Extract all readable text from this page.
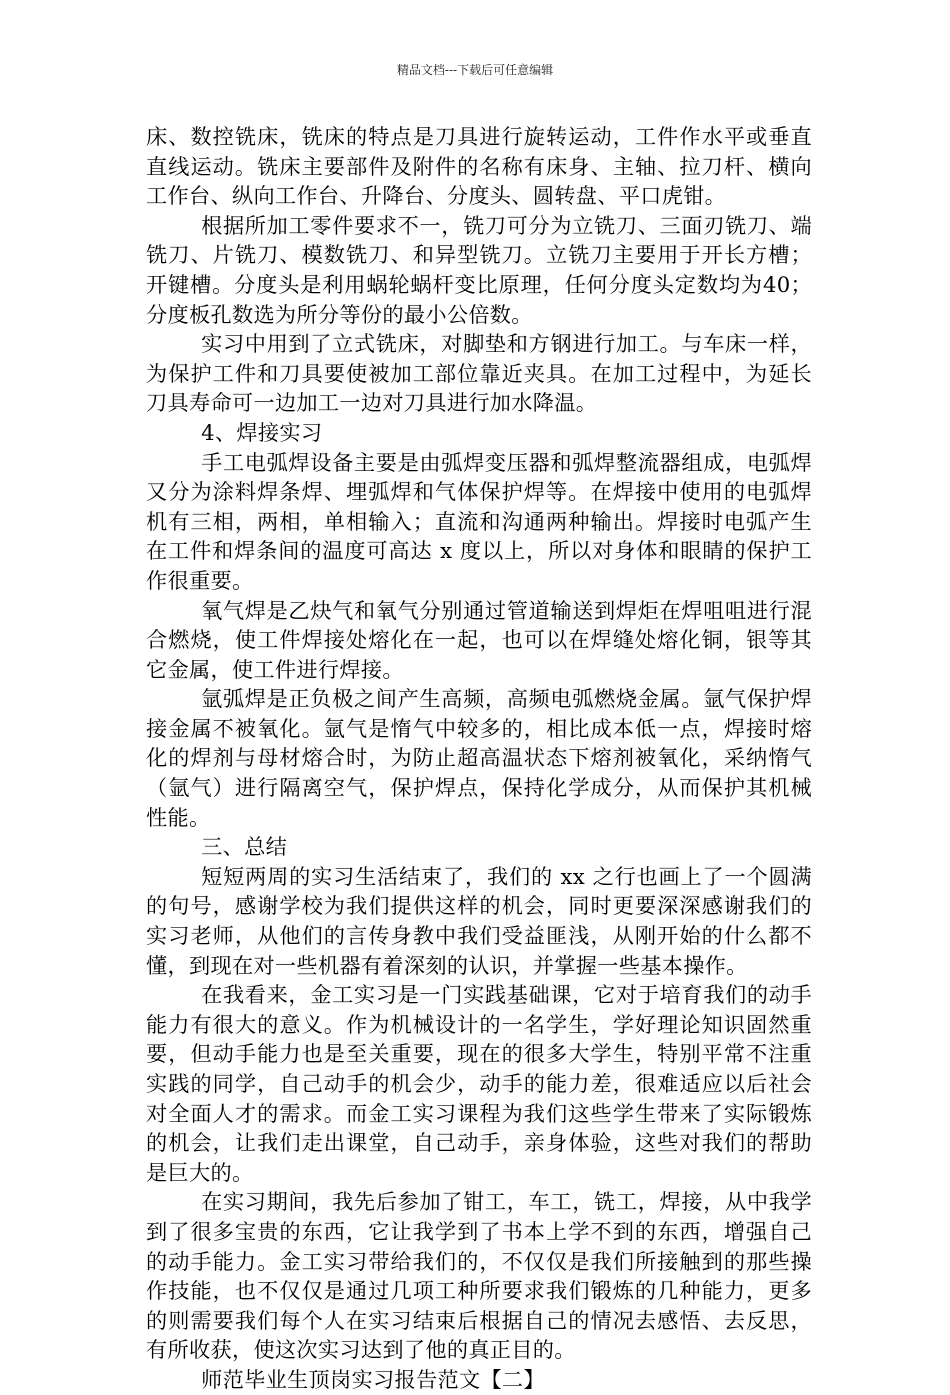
精品文档---下载后可任意编辑

床、数控铣床，铣床的特点是刀具进行旋转运动，工件作水平或垂直直线运动。铣床主要部件及附件的名称有床身、主轴、拉刀杆、横向工作台、纵向工作台、升降台、分度头、圆转盘、平口虎钳。

根据所加工零件要求不一，铣刀可分为立铣刀、三面刃铣刀、端铣刀、片铣刀、模数铣刀、和异型铣刀。立铣刀主要用于开长方槽；开键槽。分度头是利用蜗轮蜗杆变比原理，任何分度头定数均为40；分度板孔数选为所分等份的最小公倍数。

实习中用到了立式铣床，对脚垫和方钢进行加工。与车床一样，为保护工件和刀具要使被加工部位靠近夹具。在加工过程中，为延长刀具寿命可一边加工一边对刀具进行加水降温。

4、焊接实习

手工电弧焊设备主要是由弧焊变压器和弧焊整流器组成，电弧焊又分为涂料焊条焊、埋弧焊和气体保护焊等。在焊接中使用的电弧焊机有三相，两相，单相输入；直流和沟通两种输出。焊接时电弧产生在工件和焊条间的温度可高达 x 度以上，所以对身体和眼睛的保护工作很重要。

氧气焊是乙炔气和氧气分别通过管道输送到焊炬在焊咀咀进行混合燃烧，使工件焊接处熔化在一起，也可以在焊缝处熔化铜，银等其它金属，使工件进行焊接。

氩弧焊是正负极之间产生高频，高频电弧燃烧金属。氩气保护焊接金属不被氧化。氩气是惰气中较多的，相比成本低一点，焊接时熔化的焊剂与母材熔合时，为防止超高温状态下熔剂被氧化，采纳惰气（氩气）进行隔离空气，保护焊点，保持化学成分，从而保护其机械性能。

三、总结

短短两周的实习生活结束了，我们的 xx 之行也画上了一个圆满的句号，感谢学校为我们提供这样的机会，同时更要深深感谢我们的实习老师，从他们的言传身教中我们受益匪浅，从刚开始的什么都不懂，到现在对一些机器有着深刻的认识，并掌握一些基本操作。

在我看来，金工实习是一门实践基础课，它对于培育我们的动手能力有很大的意义。作为机械设计的一名学生，学好理论知识固然重要，但动手能力也是至关重要，现在的很多大学生，特别平常不注重实践的同学，自己动手的机会少，动手的能力差，很难适应以后社会对全面人才的需求。而金工实习课程为我们这些学生带来了实际锻炼的机会，让我们走出课堂，自己动手，亲身体验，这些对我们的帮助是巨大的。

在实习期间，我先后参加了钳工，车工，铣工，焊接，从中我学到了很多宝贵的东西，它让我学到了书本上学不到的东西，增强自己的动手能力。金工实习带给我们的，不仅仅是我们所接触到的那些操作技能，也不仅仅是通过几项工种所要求我们锻炼的几种能力，更多的则需要我们每个人在实习结束后根据自己的情况去感悟、去反思，有所收获，使这次实习达到了他的真正目的。

师范毕业生顶岗实习报告范文【二】
